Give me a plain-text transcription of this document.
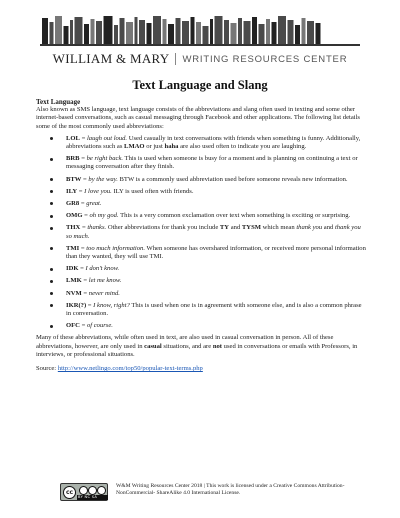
WILLIAM & MARY WRITING RESOURCES CENTER
Text Language and Slang
Text Language

Also known as SMS language, text language consists of the abbreviations and slang often used in texting and some other internet-based conversations, such as casual messaging through Facebook and other applications. The following list details some of the most commonly used abbreviations:

LOL = laugh out loud. Used casually in text conversations with friends when something is funny. Additionally, abbreviations such as LMAO or just haha are also used often to indicate you are laughing.
BRB = be right back. This is used when someone is busy for a moment and is planning on continuing a text or messaging conversation after they finish.
BTW = by the way. BTW is a commonly used abbreviation used before someone reveals new information.
ILY = I love you. ILY is used often with friends.
GR8 = great.
OMG = oh my god. This is a very common exclamation over text when something is exciting or surprising.
THX = thanks. Other abbreviations for thank you include TY and TYSM which mean thank you and thank you so much.
TMI = too much information. When someone has overshared information, or received more personal information than they wanted, they will use TMI.
IDK = I don't know.
LMK = let me know.
NVM = never mind.
IKR(?) = I know, right? This is used when one is in agreement with someone else, and is also a common phrase in conversation.
OFC = of course.

Many of these abbreviations, while often used in text, are also used in casual conversation in person. All of these abbreviations, however, are only used in casual situations, and are not used in conversations or emails with Professors, in interviews, or professional situations.

Source: http://www.netlingo.com/top50/popular-text-terms.php
cc
BY NC SA
W&M Writing Resources Center 2018 | This work is licensed under a Creative Commons Attribution-NonCommercial- ShareAlike 4.0 International License.
